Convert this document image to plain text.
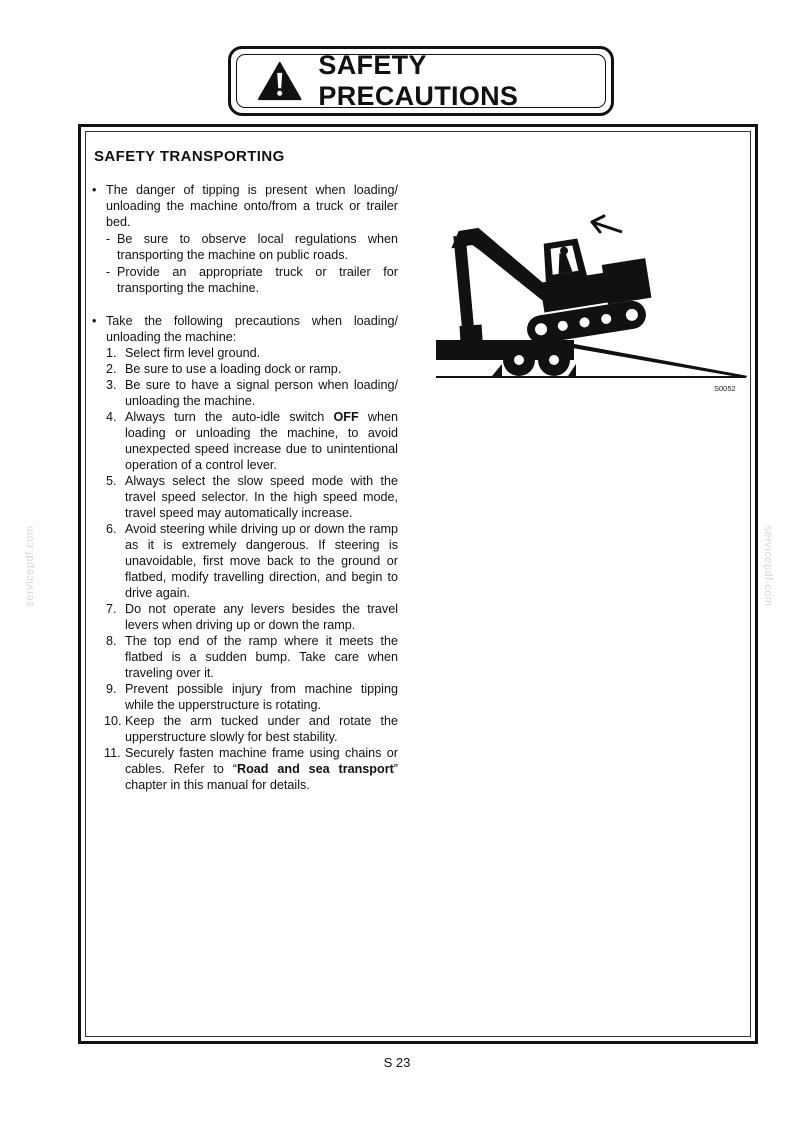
SAFETY PRECAUTIONS
SAFETY TRANSPORTING
• The danger of tipping is present when loading/ unloading the machine onto/from a truck or trailer bed.
- Be sure to observe local regulations when transporting the machine on public roads.
- Provide an appropriate truck or trailer for transporting the machine.
• Take the following precautions when loading/ unloading the machine:
1. Select firm level ground.
2. Be sure to use a loading dock or ramp.
3. Be sure to have a signal person when loading/ unloading the machine.
4. Always turn the auto-idle switch OFF when loading or unloading the machine, to avoid unexpected speed increase due to unintentional operation of a control lever.
5. Always select the slow speed mode with the travel speed selector. In the high speed mode, travel speed may automatically increase.
6. Avoid steering while driving up or down the ramp as it is extremely dangerous. If steering is unavoidable, first move back to the ground or flatbed, modify travelling direction, and begin to drive again.
7. Do not operate any levers besides the travel levers when driving up or down the ramp.
8. The top end of the ramp where it meets the flatbed is a sudden bump. Take care when traveling over it.
9. Prevent possible injury from machine tipping while the upperstructure is rotating.
10. Keep the arm tucked under and rotate the upperstructure slowly for best stability.
11. Securely fasten machine frame using chains or cables. Refer to “Road and sea transport” chapter in this manual for details.
S0052
servicepdf.com	servicepdf.com
S 23
